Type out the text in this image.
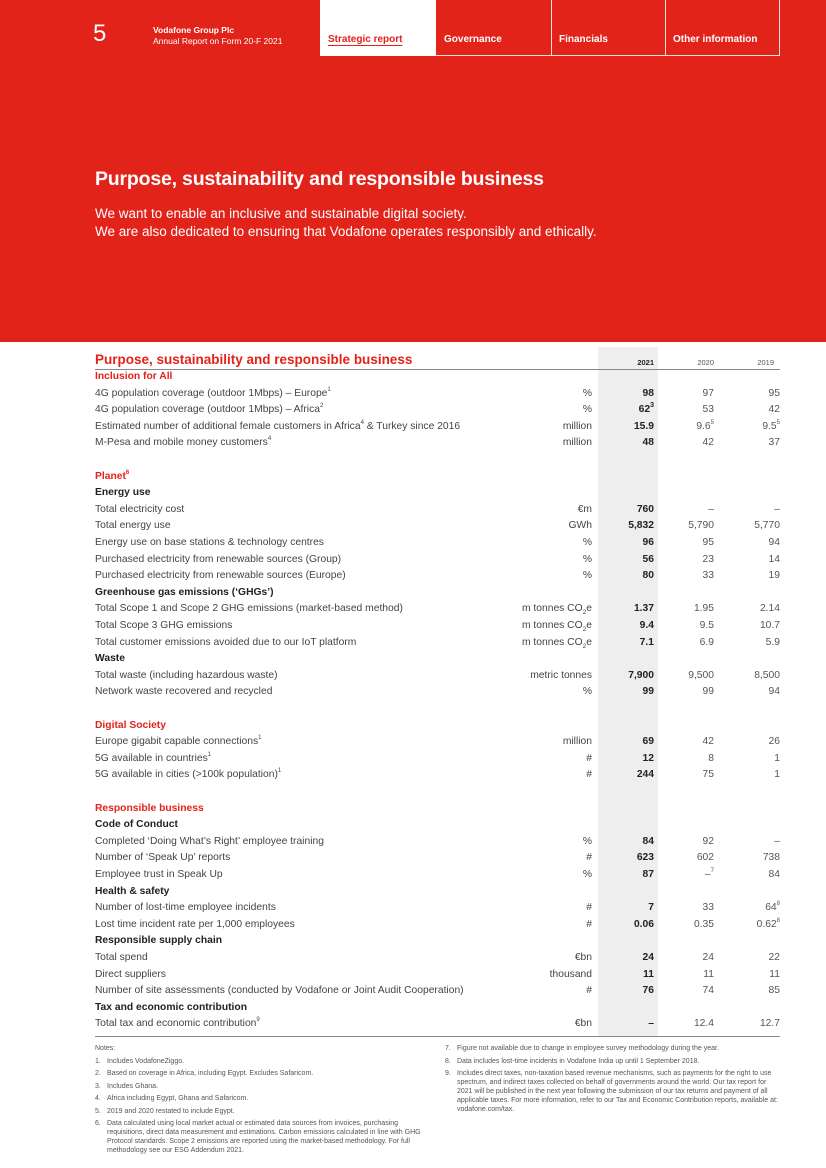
5	Vodafone Group Plc
Annual Report on Form 20-F 2021	Strategic report	Governance	Financials	Other information
Purpose, sustainability and responsible business
We want to enable an inclusive and sustainable digital society.
We are also dedicated to ensuring that Vodafone operates responsibly and ethically.
Purpose, sustainability and responsible business	2021	2020	2019
Inclusion for All
4G population coverage (outdoor 1Mbps) – Europe$^1$	%	98	97	95
4G population coverage (outdoor 1Mbps) – Africa$^2$	%	$62^3$	53	42
Estimated number of additional female customers in Africa$^4$ & Turkey since 2016	million	15.9	$9.6^5$	$9.5^5$
M-Pesa and mobile money customers$^4$	million	48	42	37
Planet$^6$
Energy use
Total electricity cost	€m	760	–	–
Total energy use	GWh	5,832	5,790	5,770
Energy use on base stations & technology centres	%	96	95	94
Purchased electricity from renewable sources (Group)	%	56	23	14
Purchased electricity from renewable sources (Europe)	%	80	33	19
Greenhouse gas emissions (‘GHGs’)
Total Scope 1 and Scope 2 GHG emissions (market-based method)	m tonnes $CO_2e$	1.37	1.95	2.14
Total Scope 3 GHG emissions	m tonnes $CO_2e$	9.4	9.5	10.7
Total customer emissions avoided due to our IoT platform	m tonnes $CO_2e$	7.1	6.9	5.9
Waste
Total waste (including hazardous waste)	metric tonnes	7,900	9,500	8,500
Network waste recovered and recycled	%	99	99	94
Digital Society
Europe gigabit capable connections$^1$	million	69	42	26
5G available in countries$^1$	#	12	8	1
5G available in cities (>100k population)$^1$	#	244	75	1
Responsible business
Code of Conduct
Completed ‘Doing What’s Right’ employee training	%	84	92	–
Number of ‘Speak Up’ reports	#	623	602	738
Employee trust in Speak Up	%	87	–$^7$	84
Health & safety
Number of lost-time employee incidents	#	7	33	$64^8$
Lost time incident rate per 1,000 employees	#	0.06	0.35	0.62$^8$
Responsible supply chain
Total spend	€bn	24	24	22
Direct suppliers	thousand	11	11	11
Number of site assessments (conducted by Vodafone or Joint Audit Cooperation)	#	76	74	85
Tax and economic contribution
Total tax and economic contribution$^9$	€bn	–	12.4	12.7
Notes:
1. Includes VodafoneZiggo.
2. Based on coverage in Africa, including Egypt. Excludes Safaricom.
3. Includes Ghana.
4. Africa including Egypt, Ghana and Safaricom.
5. 2019 and 2020 restated to include Egypt.
6. Data calculated using local market actual or estimated data sources from invoices, purchasing requisitions, direct data measurement and estimations. Carbon emissions calculated in line with GHG Protocol standards. Scope 2 emissions are reported using the market-based methodology. For full methodology see our ESG Addendum 2021.
7. Figure not available due to change in employee survey methodology during the year.
8. Data includes lost-time incidents in Vodafone India up until 1 September 2018.
9. Includes direct taxes, non-taxation based revenue mechanisms, such as payments for the right to use spectrum, and indirect taxes collected on behalf of governments around the world. Our tax report for 2021 will be published in the next year following the submission of our tax returns and payment of all applicable taxes. For more information, refer to our Tax and Economic Contribution reports, available at: vodafone.com/tax.
